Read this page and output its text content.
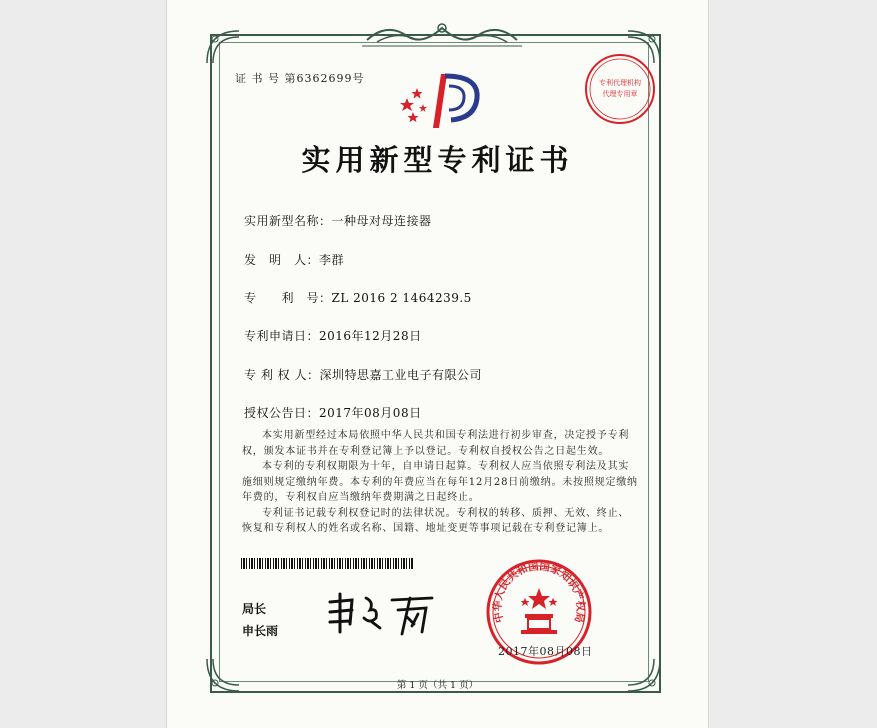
证 书 号 第6362699号	专利代理机构
代理专用章
实用新型专利证书
实用新型名称：一种母对母连接器
发　明　人：李群
专　　利　号：ZL 2016 2 1464239.5
专利申请日：2016年12月28日
专 利 权 人：深圳特思嘉工业电子有限公司
授权公告日：2017年08月08日

本实用新型经过本局依照中华人民共和国专利法进行初步审查，决定授予专利权，颁发本证书并在专利登记簿上予以登记。专利权自授权公告之日起生效。

本专利的专利权期限为十年，自申请日起算。专利权人应当依照专利法及其实施细则规定缴纳年费。本专利的年费应当在每年12月28日前缴纳。未按照规定缴纳年费的，专利权自应当缴纳年费期满之日起终止。

专利证书记载专利权登记时的法律状况。专利权的转移、质押、无效、终止、恢复和专利权人的姓名或名称、国籍、地址变更等事项记载在专利登记簿上。

局长
申长雨
中华人民共和国国家知识产权局
2017年08月08日
第 1 页（共 1 页）
